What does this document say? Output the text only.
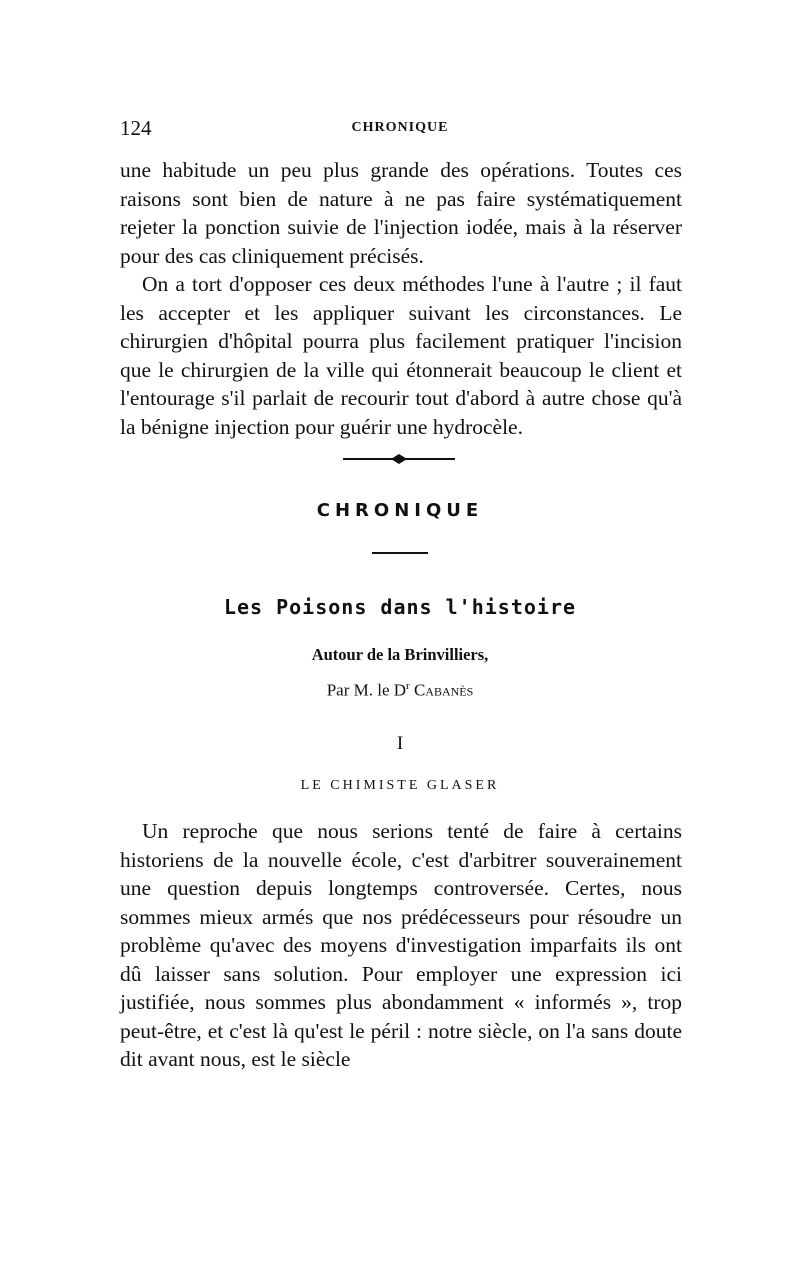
124	CHRONIQUE

une habitude un peu plus grande des opérations. Toutes ces raisons sont bien de nature à ne pas faire systématiquement rejeter la ponction suivie de l'injection iodée, mais à la réserver pour des cas cliniquement précisés.

On a tort d'opposer ces deux méthodes l'une à l'autre ; il faut les accepter et les appliquer suivant les circonstances. Le chirurgien d'hôpital pourra plus facilement pratiquer l'incision que le chirurgien de la ville qui étonnerait beaucoup le client et l'entourage s'il parlait de recourir tout d'abord à autre chose qu'à la bénigne injection pour guérir une hydrocèle.

CHRONIQUE
Les Poisons dans l'histoire
Autour de la Brinvilliers,
Par M. le $D^r$ Cabanès
I
LE CHIMISTE GLASER

Un reproche que nous serions tenté de faire à certains historiens de la nouvelle école, c'est d'arbitrer souverainement une question depuis longtemps controversée. Certes, nous sommes mieux armés que nos prédécesseurs pour résoudre un problème qu'avec des moyens d'investigation imparfaits ils ont dû laisser sans solution. Pour employer une expression ici justifiée, nous sommes plus abondamment « informés », trop peut-être, et c'est là qu'est le péril : notre siècle, on l'a sans doute dit avant nous, est le siècle
